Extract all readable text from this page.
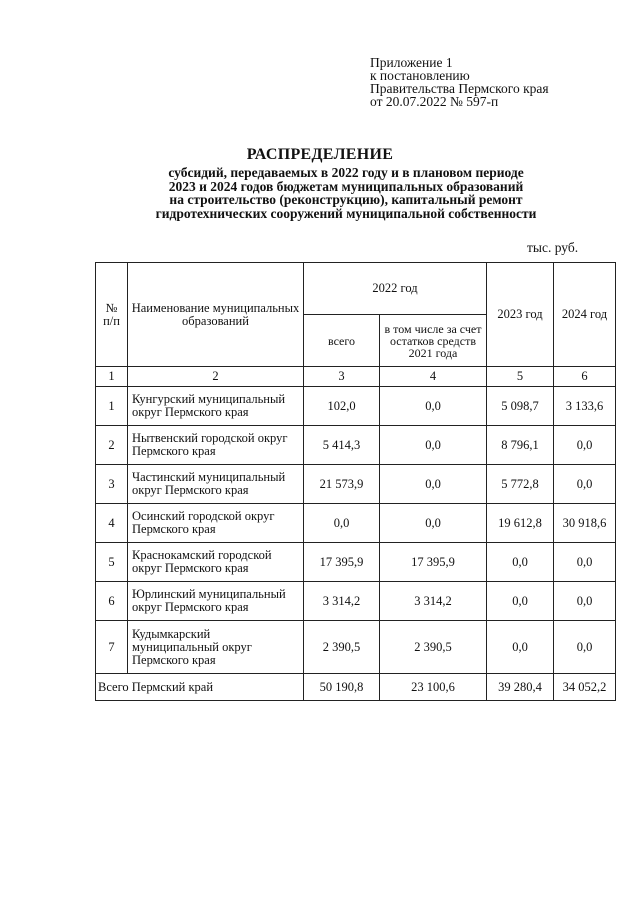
Приложение 1
к постановлению
Правительства Пермского края
от 20.07.2022 № 597-п
РАСПРЕДЕЛЕНИЕ
субсидий, передаваемых в 2022 году и в плановом периоде
2023 и 2024 годов бюджетам муниципальных образований
на строительство (реконструкцию), капитальный ремонт
гидротехнических сооружений муниципальной собственности
тыс. руб.
№ п/п	Наименование муниципальных образований	2022 год		2023 год	2024 год
		всего	в том числе за счет остатков средств 2021 года		
1	2	3	4	5	6
1	Кунгурский муниципальный округ Пермского края	102,0	0,0	5 098,7	3 133,6
2	Нытвенский городской округ Пермского края	5 414,3	0,0	8 796,1	0,0
3	Частинский муниципальный округ Пермского края	21 573,9	0,0	5 772,8	0,0
4	Осинский городской округ Пермского края	0,0	0,0	19 612,8	30 918,6
5	Краснокамский городской округ Пермского края	17 395,9	17 395,9	0,0	0,0
6	Юрлинский муниципальный округ Пермского края	3 314,2	3 314,2	0,0	0,0
7	Кудымкарский муниципальный округ Пермского края	2 390,5	2 390,5	0,0	0,0
Всего Пермский край		50 190,8	23 100,6	39 280,4	34 052,2
